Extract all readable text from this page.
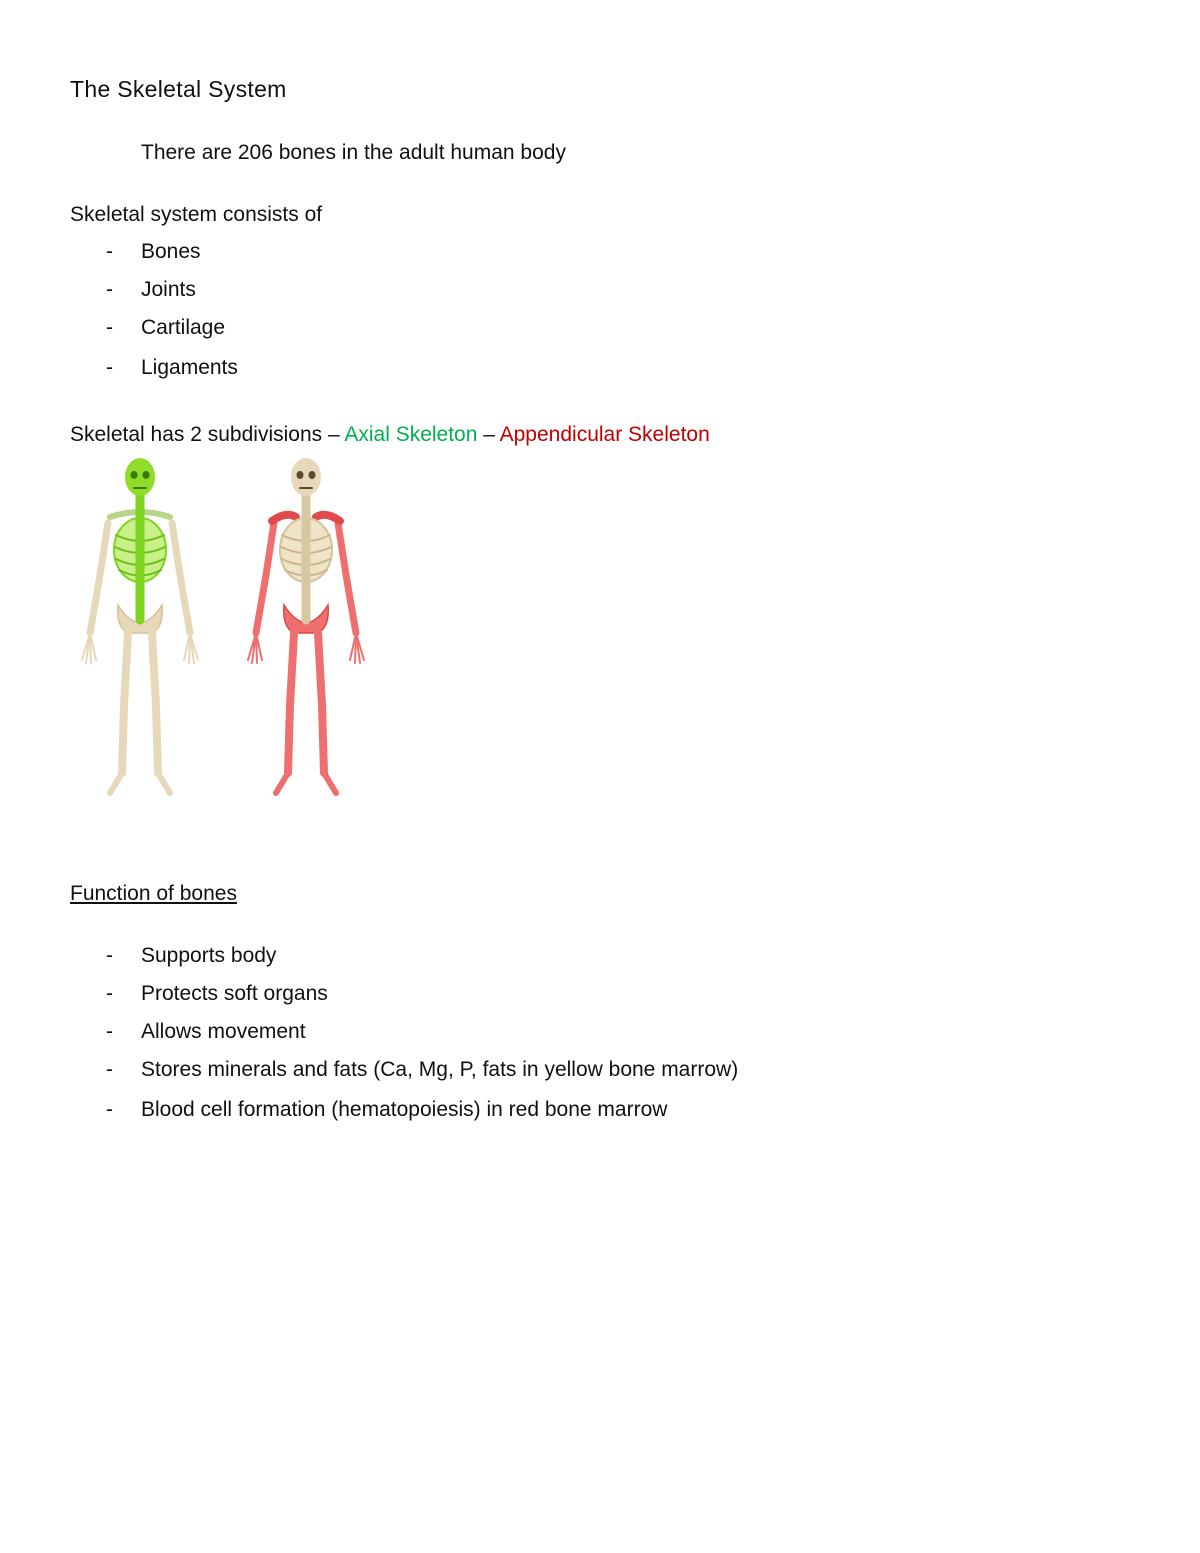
The Skeletal System
There are 206 bones in the adult human body
Skeletal system consists of
- Bones
- Joints
- Cartilage
- Ligaments
Skeletal has 2 subdivisions – Axial Skeleton – Appendicular Skeleton
Function of bones
- Supports body
- Protects soft organs
- Allows movement
- Stores minerals and fats (Ca, Mg, P, fats in yellow bone marrow)
- Blood cell formation (hematopoiesis) in red bone marrow
